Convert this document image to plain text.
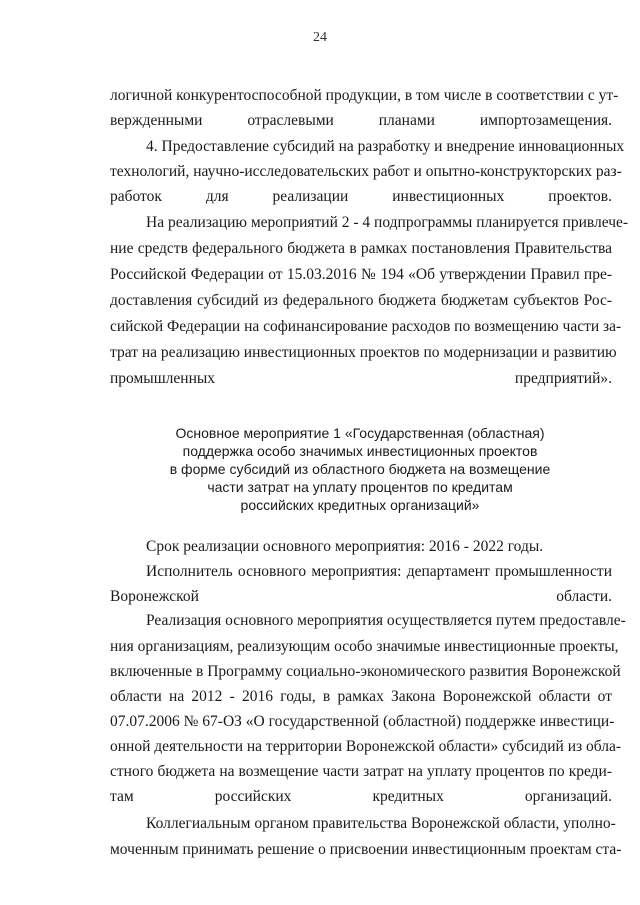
24
логичной конкурентоспособной продукции, в том числе в соответствии с ут-
вержденными отраслевыми планами импортозамещения.
4. Предоставление субсидий на разработку и внедрение инновационных
технологий, научно-исследовательских работ и опытно-конструкторских раз-
работок для реализации инвестиционных проектов.
На реализацию мероприятий 2 - 4 подпрограммы планируется привлече-
ние средств федерального бюджета в рамках постановления Правительства
Российской Федерации от 15.03.2016 № 194 «Об утверждении Правил пре-
доставления субсидий из федерального бюджета бюджетам субъектов Рос-
сийской Федерации на софинансирование расходов по возмещению части за-
трат на реализацию инвестиционных проектов по модернизации и развитию
промышленных предприятий».
Основное мероприятие 1 «Государственная (областная)
поддержка особо значимых инвестиционных проектов
в форме субсидий из областного бюджета на возмещение
части затрат на уплату процентов по кредитам
российских кредитных организаций»
Срок реализации основного мероприятия: 2016 - 2022 годы.
Исполнитель основного мероприятия: департамент промышленности
Воронежской области.
Реализация основного мероприятия осуществляется путем предоставле-
ния организациям, реализующим особо значимые инвестиционные проекты,
включенные в Программу социально-экономического развития Воронежской
области на 2012 - 2016 годы, в рамках Закона Воронежской области от
07.07.2006 № 67-ОЗ «О государственной (областной) поддержке инвестици-
онной деятельности на территории Воронежской области» субсидий из обла-
стного бюджета на возмещение части затрат на уплату процентов по креди-
там российских кредитных организаций.
Коллегиальным органом правительства Воронежской области, уполно-
моченным принимать решение о присвоении инвестиционным проектам ста-
